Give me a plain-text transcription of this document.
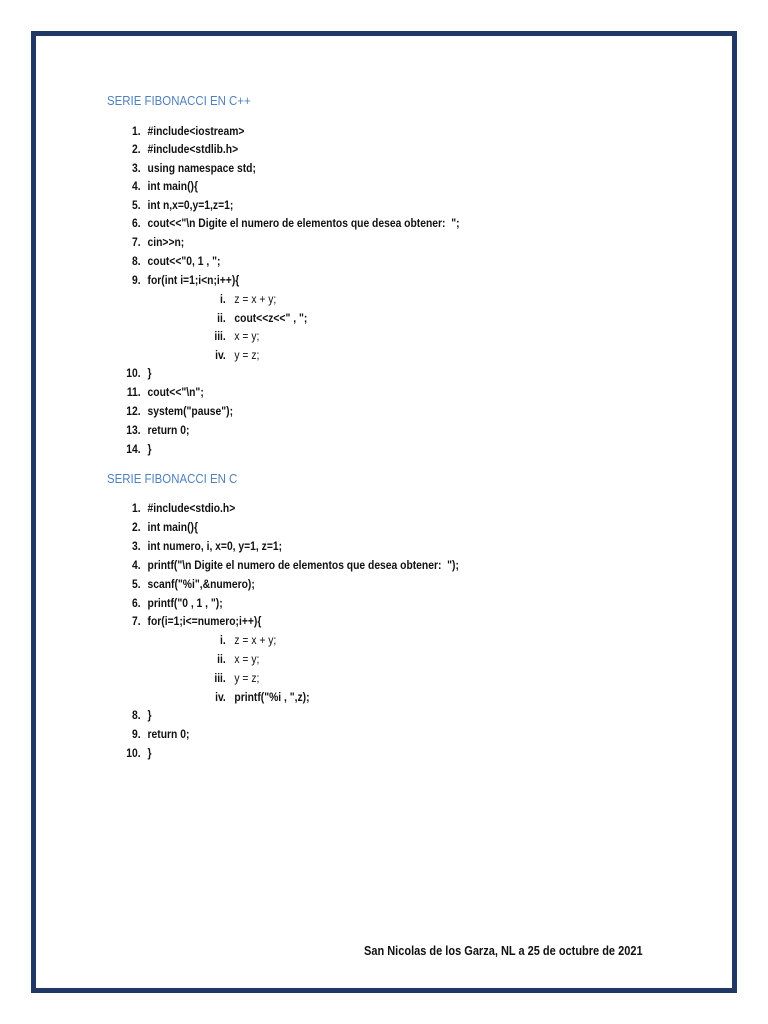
SERIE FIBONACCI EN C++
1. #include<iostream>
2. #include<stdlib.h>
3. using namespace std;
4. int main(){
5. int n,x=0,y=1,z=1;
6. cout<<"\n Digite el numero de elementos que desea obtener:  ";
7. cin>>n;
8. cout<<"0, 1 , ";
9. for(int i=1;i<n;i++){
i. z = x + y;
ii. cout<<z<<" , ";
iii. x = y;
iv. y = z;
10. }
11. cout<<"\n";
12. system("pause");
13. return 0;
14. }
SERIE FIBONACCI EN C
1. #include<stdio.h>
2. int main(){
3. int numero, i, x=0, y=1, z=1;
4. printf("\n Digite el numero de elementos que desea obtener:  ");
5. scanf("%i",&numero);
6. printf("0 , 1 , ");
7. for(i=1;i<=numero;i++){
i. z = x + y;
ii. x = y;
iii. y = z;
iv. printf("%i , ",z);
8. }
9. return 0;
10. }
San Nicolas de los Garza, NL a 25 de octubre de 2021
